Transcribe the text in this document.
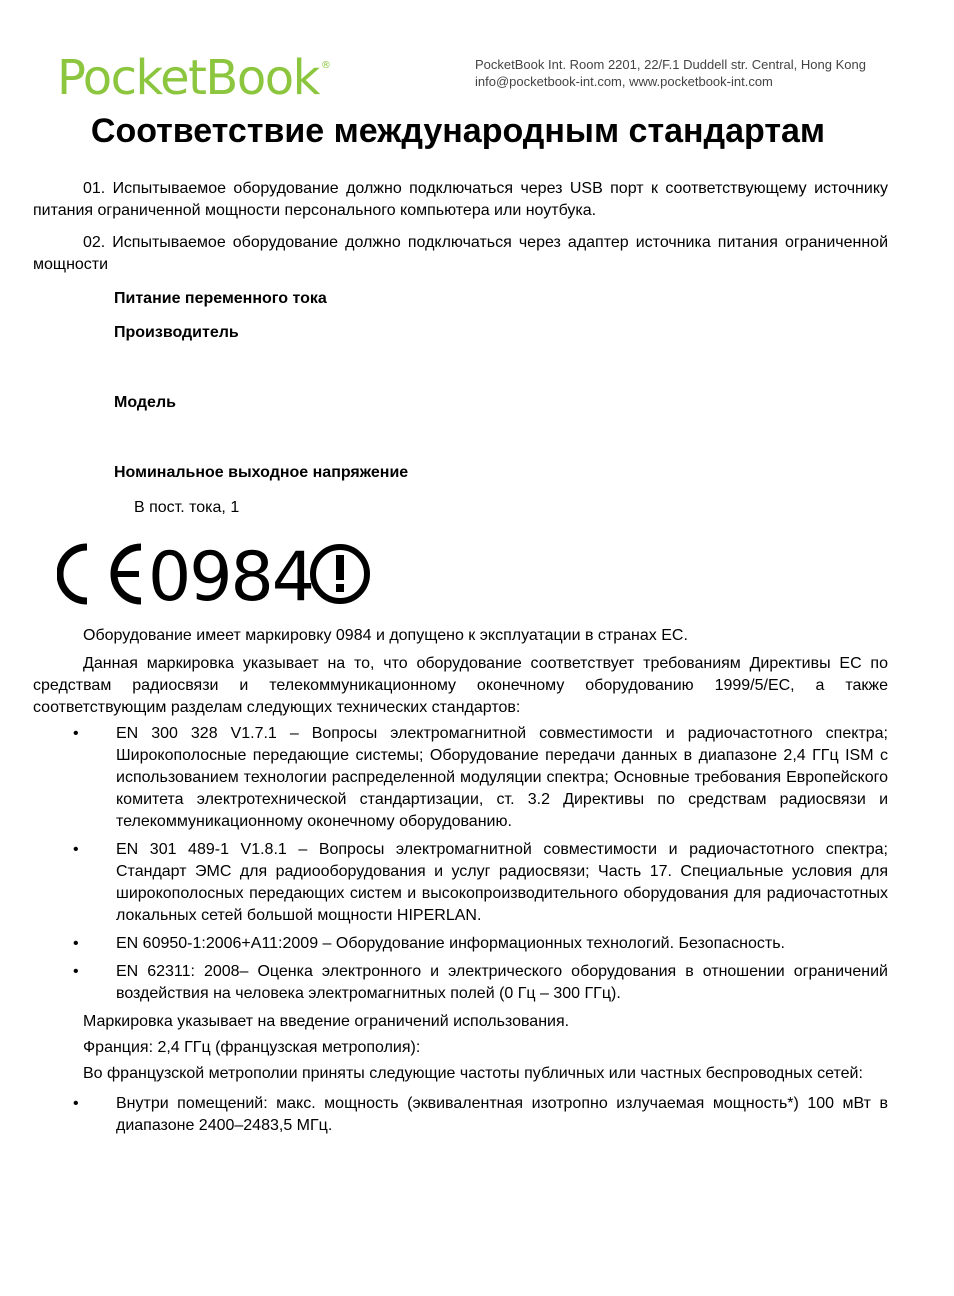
PocketBook ®	PocketBook Int. Room 2201, 22/F.1 Duddell str. Central, Hong Kong
info@pocketbook-int.com, www.pocketbook-int.com
Соответствие международным стандартам

01. Испытываемое оборудование должно подключаться через USB порт к соответствующему источнику питания ограниченной мощности персонального компьютера или ноутбука.

02. Испытываемое оборудование должно подключаться через адаптер источника питания ограниченной мощности

Питание переменного тока

Производитель

Модель

Номинальное выходное напряжение

В пост. тока, 1

0984

Оборудование имеет маркировку 0984 и допущено к эксплуатации в странах ЕС.

Данная маркировка указывает на то, что оборудование соответствует требованиям Директивы ЕС по средствам радиосвязи и телекоммуникационному оконечному оборудованию 1999/5/EC, а также соответствующим разделам следующих технических стандартов:

• EN 300 328 V1.7.1 – Вопросы электромагнитной совместимости и радиочастотного спектра; Широкополосные передающие системы; Оборудование передачи данных в диапазоне 2,4 ГГц ISM с использованием технологии распределенной модуляции спектра; Основные требования Европейского комитета электротехнической стандартизации, ст. 3.2 Директивы по средствам радиосвязи и телекоммуникационному оконечному оборудованию.
• EN 301 489-1 V1.8.1 – Вопросы электромагнитной совместимости и радиочастотного спектра; Стандарт ЭМС для радиооборудования и услуг радиосвязи; Часть 17. Специальные условия для широкополосных передающих систем и высокопроизводительного оборудования для радиочастотных локальных сетей большой мощности HIPERLAN.
• EN 60950-1:2006+A11:2009 – Оборудование информационных технологий. Безопасность.
• EN 62311: 2008– Оценка электронного и электрического оборудования в отношении ограничений воздействия на человека электромагнитных полей (0 Гц – 300 ГГц).

Маркировка указывает на введение ограничений использования.

Франция: 2,4 ГГц (французская метрополия):

Во французской метрополии приняты следующие частоты публичных или частных беспроводных сетей:

• Внутри помещений: макс. мощность (эквивалентная изотропно излучаемая мощность*) 100 мВт в диапазоне 2400–2483,5 МГц.
